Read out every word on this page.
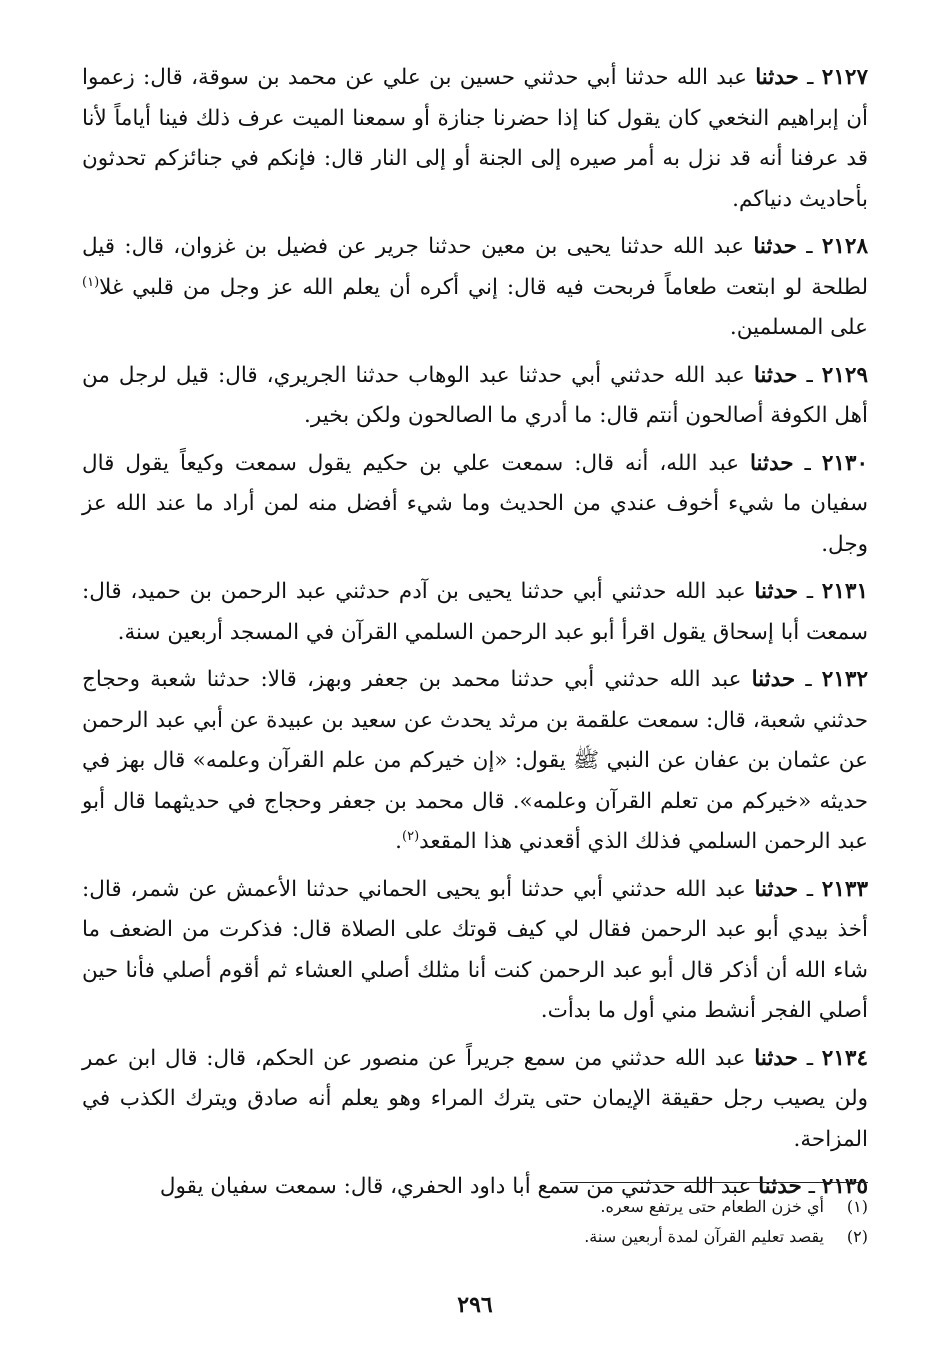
٢١٢٧ ـ حدثنا عبد الله حدثنا أبي حدثني حسين بن علي عن محمد بن سوقة، قال: زعموا أن إبراهيم النخعي كان يقول كنا إذا حضرنا جنازة أو سمعنا الميت عرف ذلك فينا أياماً لأنا قد عرفنا أنه قد نزل به أمر صيره إلى الجنة أو إلى النار قال: فإنكم في جنائزكم تحدثون بأحاديث دنياكم.

٢١٢٨ ـ حدثنا عبد الله حدثنا يحيى بن معين حدثنا جرير عن فضيل بن غزوان، قال: قيل لطلحة لو ابتعت طعاماً فربحت فيه قال: إني أكره أن يعلم الله عز وجل من قلبي غلا$^{(١)}$ على المسلمين.

٢١٢٩ ـ حدثنا عبد الله حدثني أبي حدثنا عبد الوهاب حدثنا الجريري، قال: قيل لرجل من أهل الكوفة أصالحون أنتم قال: ما أدري ما الصالحون ولكن بخير.

٢١٣٠ ـ حدثنا عبد الله، أنه قال: سمعت علي بن حكيم يقول سمعت وكيعاً يقول قال سفيان ما شيء أخوف عندي من الحديث وما شيء أفضل منه لمن أراد ما عند الله عز وجل.

٢١٣١ ـ حدثنا عبد الله حدثني أبي حدثنا يحيى بن آدم حدثني عبد الرحمن بن حميد، قال: سمعت أبا إسحاق يقول اقرأ أبو عبد الرحمن السلمي القرآن في المسجد أربعين سنة.

٢١٣٢ ـ حدثنا عبد الله حدثني أبي حدثنا محمد بن جعفر وبهز، قالا: حدثنا شعبة وحجاج حدثني شعبة، قال: سمعت علقمة بن مرثد يحدث عن سعيد بن عبيدة عن أبي عبد الرحمن عن عثمان بن عفان عن النبي ﷺ يقول: «إن خيركم من علم القرآن وعلمه» قال بهز في حديثه «خيركم من تعلم القرآن وعلمه». قال محمد بن جعفر وحجاج في حديثهما قال أبو عبد الرحمن السلمي فذلك الذي أقعدني هذا المقعد$^{(٢)}$.

٢١٣٣ ـ حدثنا عبد الله حدثني أبي حدثنا أبو يحيى الحماني حدثنا الأعمش عن شمر، قال: أخذ بيدي أبو عبد الرحمن فقال لي كيف قوتك على الصلاة قال: فذكرت من الضعف ما شاء الله أن أذكر قال أبو عبد الرحمن كنت أنا مثلك أصلي العشاء ثم أقوم أصلي فأنا حين أصلي الفجر أنشط مني أول ما بدأت.

٢١٣٤ ـ حدثنا عبد الله حدثني من سمع جريراً عن منصور عن الحكم، قال: قال ابن عمر ولن يصيب رجل حقيقة الإيمان حتى يترك المراء وهو يعلم أنه صادق ويترك الكذب في المزاحة.

٢١٣٥ ـ حدثنا عبد الله حدثني من سمع أبا داود الحفري، قال: سمعت سفيان يقول

(١)أي خزن الطعام حتى يرتفع سعره.
(٢)يقصد تعليم القرآن لمدة أربعين سنة.
٢٩٦
